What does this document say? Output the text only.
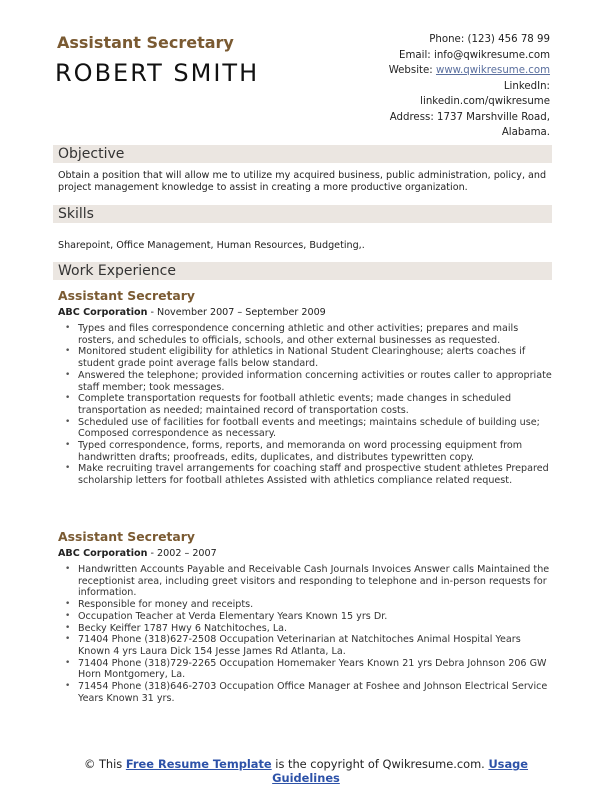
Assistant Secretary
ROBERT SMITH
Phone: (123) 456 78 99
Email: info@qwikresume.com
Website: www.qwikresume.com
LinkedIn:
linkedin.com/qwikresume
Address: 1737 Marshville Road,
Alabama.
Objective
Obtain a position that will allow me to utilize my acquired business, public administration, policy, and project management knowledge to assist in creating a more productive organization.
Skills
Sharepoint, Office Management, Human Resources, Budgeting,.
Work Experience
Assistant Secretary
ABC Corporation - November 2007 – September 2009
• Types and files correspondence concerning athletic and other activities; prepares and mails rosters, and schedules to officials, schools, and other external businesses as requested.
• Monitored student eligibility for athletics in National Student Clearinghouse; alerts coaches if student grade point average falls below standard.
• Answered the telephone; provided information concerning activities or routes caller to appropriate staff member; took messages.
• Complete transportation requests for football athletic events; made changes in scheduled transportation as needed; maintained record of transportation costs.
• Scheduled use of facilities for football events and meetings; maintains schedule of building use; Composed correspondence as necessary.
• Typed correspondence, forms, reports, and memoranda on word processing equipment from handwritten drafts; proofreads, edits, duplicates, and distributes typewritten copy.
• Make recruiting travel arrangements for coaching staff and prospective student athletes Prepared scholarship letters for football athletes Assisted with athletics compliance related request.
Assistant Secretary
ABC Corporation - 2002 – 2007
• Handwritten Accounts Payable and Receivable Cash Journals Invoices Answer calls Maintained the receptionist area, including greet visitors and responding to telephone and in-person requests for information.
• Responsible for money and receipts.
• Occupation Teacher at Verda Elementary Years Known 15 yrs Dr.
• Becky Keiffer 1787 Hwy 6 Natchitoches, La.
• 71404 Phone (318)627-2508 Occupation Veterinarian at Natchitoches Animal Hospital Years Known 4 yrs Laura Dick 154 Jesse James Rd Atlanta, La.
• 71404 Phone (318)729-2265 Occupation Homemaker Years Known 21 yrs Debra Johnson 206 GW Horn Montgomery, La.
• 71454 Phone (318)646-2703 Occupation Office Manager at Foshee and Johnson Electrical Service Years Known 31 yrs.
© This Free Resume Template is the copyright of Qwikresume.com. Usage
Guidelines
